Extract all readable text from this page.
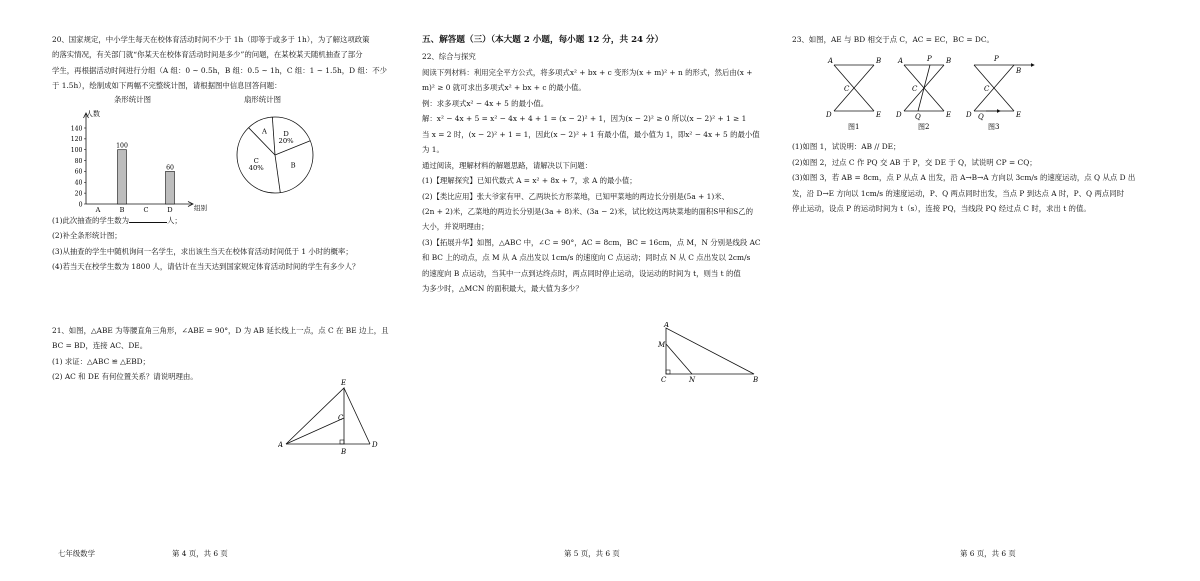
20、国家规定，中小学生每天在校体育活动时间不少于 1h（即等于或多于 1h），为了解这项政策

的落实情况，有关部门就“你某天在校体育活动时间是多少”的问题，在某校某天随机抽查了部分

学生，再根据活动时间进行分组（A 组：0 ~ 0.5h，B 组：0.5 ~ 1h，C 组：1 ~ 1.5h，D 组：不少

于 1.5h），绘制成如下两幅不完整统计图，请根据图中信息回答问题：

条形统计图	扇形统计图
0
20
40
60
80
100
120
140
A	B
100
C	D
60
人数
组别
A	D 20%
B
C 40%

(1)此次抽查的学生数为	人；

(2)补全条形统计图；

(3)从抽查的学生中随机询问一名学生，求出该生当天在校体育活动时间低于 1 小时的概率；

(4)若当天在校学生数为 1800 人，请估计在当天达到国家规定体育活动时间的学生有多少人？

21、如图，△ABE 为等腰直角三角形，∠ABE = 90°，D 为 AB 延长线上一点，点 C 在 BE 边上，且

BC = BD，连接 AC、DE。

(1) 求证：△ABC ≌ △EBD；

(2) AC 和 DE 有何位置关系？请说明理由。

E
C
A
B
D
五、解答题（三）（本大题 2 小题，每小题 12 分，共 24 分）

22、综合与探究

阅读下列材料：利用完全平方公式，将多项式x² + bx + c 变形为(x + m)² + n 的形式，然后由(x +

m)² ≥ 0 就可求出多项式x² + bx + c 的最小值。

例：求多项式x² − 4x + 5 的最小值。

解：x² − 4x + 5 = x² − 4x + 4 + 1 = (x − 2)² + 1，因为(x − 2)² ≥ 0 所以(x − 2)² + 1 ≥ 1

当 x = 2 时，(x − 2)² + 1 = 1，因此(x − 2)² + 1 有最小值，最小值为 1，即x² − 4x + 5 的最小值

为 1。

通过阅读，理解材料的解题思路，请解决以下问题：

(1)【理解探究】已知代数式 A = x² + 8x + 7，求 A 的最小值；

(2)【类比应用】张大爷家有甲、乙两块长方形菜地，已知甲菜地的两边长分别是(5a + 1)米、

(2n + 2)米，乙菜地的两边长分别是(3a + 8)米、(3a − 2)米，试比较这两块菜地的面积S甲和S乙的

大小，并说明理由；

(3)【拓展升华】如图，△ABC 中，∠C = 90°，AC = 8cm，BC = 16cm，点 M，N 分别是线段 AC

和 BC 上的动点，点 M 从 A 点出发以 1cm/s 的速度向 C 点运动；同时点 N 从 C 点出发以 2cm/s

的速度向 B 点运动，当其中一点到达终点时，两点同时停止运动，设运动的时间为 t，则当 t 的值

为多少时，△MCN 的面积最大，最大值为多少？

A
M
C	N	B

23、如图，AE 与 BD 相交于点 C，AC = EC，BC = DC。

A	B
C
D	E
图1
A	P B
C
D Q	E
图2
P
B
C
D Q	E
图3

(1)如图 1，试说明：AB // DE；

(2)如图 2，过点 C 作 PQ 交 AB 于 P，交 DE 于 Q，试说明 CP = CQ；

(3)如图 3，若 AB = 8cm，点 P 从点 A 出发，沿 A→B→A 方向以 3cm/s 的速度运动，点 Q 从点 D 出

发，沿 D→E 方向以 1cm/s 的速度运动，P、Q 两点同时出发，当点 P 到达点 A 时，P、Q 两点同时

停止运动，设点 P 的运动时间为 t（s），连接 PQ，当线段 PQ 经过点 C 时，求出 t 的值。

七年级数学	第 4 页，共 6 页	第 5 页，共 6 页	第 6 页，共 6 页
